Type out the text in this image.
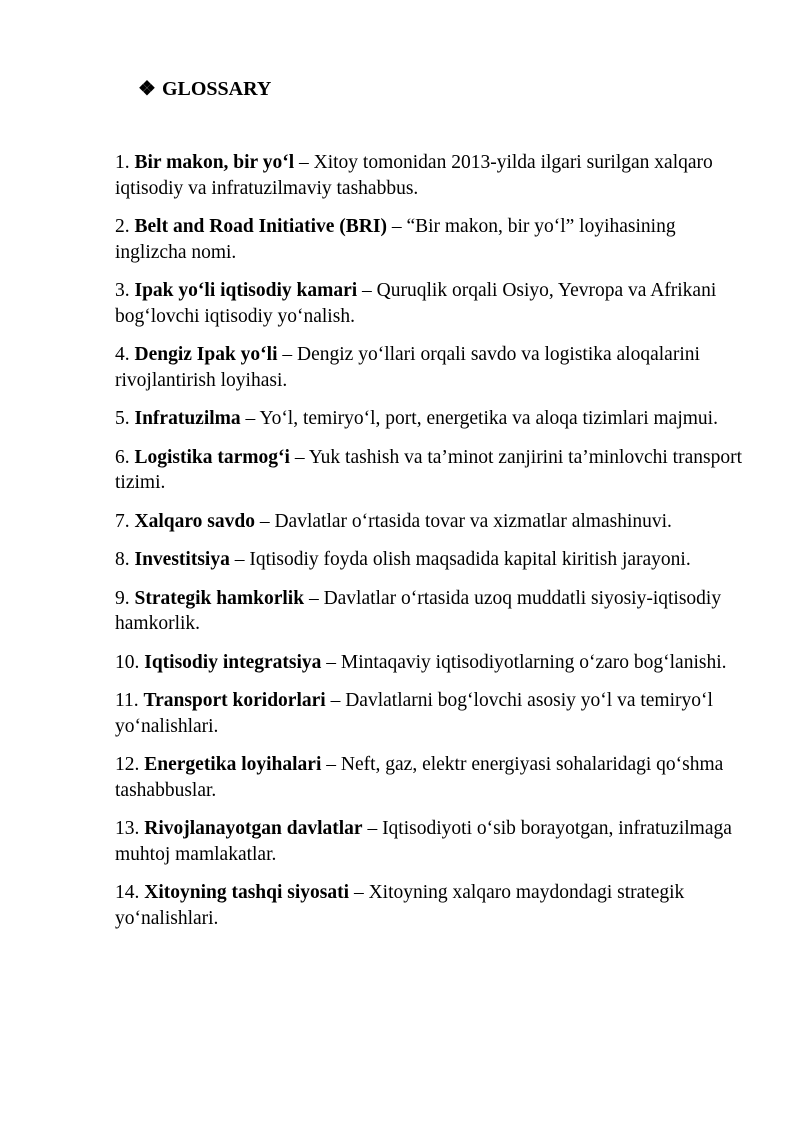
❖ GLOSSARY

1. Bir makon, bir yo‘l – Xitoy tomonidan 2013-yilda ilgari surilgan xalqaro iqtisodiy va infratuzilmaviy tashabbus.

2. Belt and Road Initiative (BRI) – “Bir makon, bir yo‘l” loyihasining inglizcha nomi.

3. Ipak yo‘li iqtisodiy kamari – Quruqlik orqali Osiyo, Yevropa va Afrikani bog‘lovchi iqtisodiy yo‘nalish.

4. Dengiz Ipak yo‘li – Dengiz yo‘llari orqali savdo va logistika aloqalarini rivojlantirish loyihasi.

5. Infratuzilma – Yo‘l, temiryo‘l, port, energetika va aloqa tizimlari majmui.

6. Logistika tarmog‘i – Yuk tashish va ta’minot zanjirini ta’minlovchi transport tizimi.

7. Xalqaro savdo – Davlatlar o‘rtasida tovar va xizmatlar almashinuvi.

8. Investitsiya – Iqtisodiy foyda olish maqsadida kapital kiritish jarayoni.

9. Strategik hamkorlik – Davlatlar o‘rtasida uzoq muddatli siyosiy-iqtisodiy hamkorlik.

10. Iqtisodiy integratsiya – Mintaqaviy iqtisodiyotlarning o‘zaro bog‘lanishi.

11. Transport koridorlari – Davlatlarni bog‘lovchi asosiy yo‘l va temiryo‘l yo‘nalishlari.

12. Energetika loyihalari – Neft, gaz, elektr energiyasi sohalaridagi qo‘shma tashabbuslar.

13. Rivojlanayotgan davlatlar – Iqtisodiyoti o‘sib borayotgan, infratuzilmaga muhtoj mamlakatlar.

14. Xitoyning tashqi siyosati – Xitoyning xalqaro maydondagi strategik yo‘nalishlari.
